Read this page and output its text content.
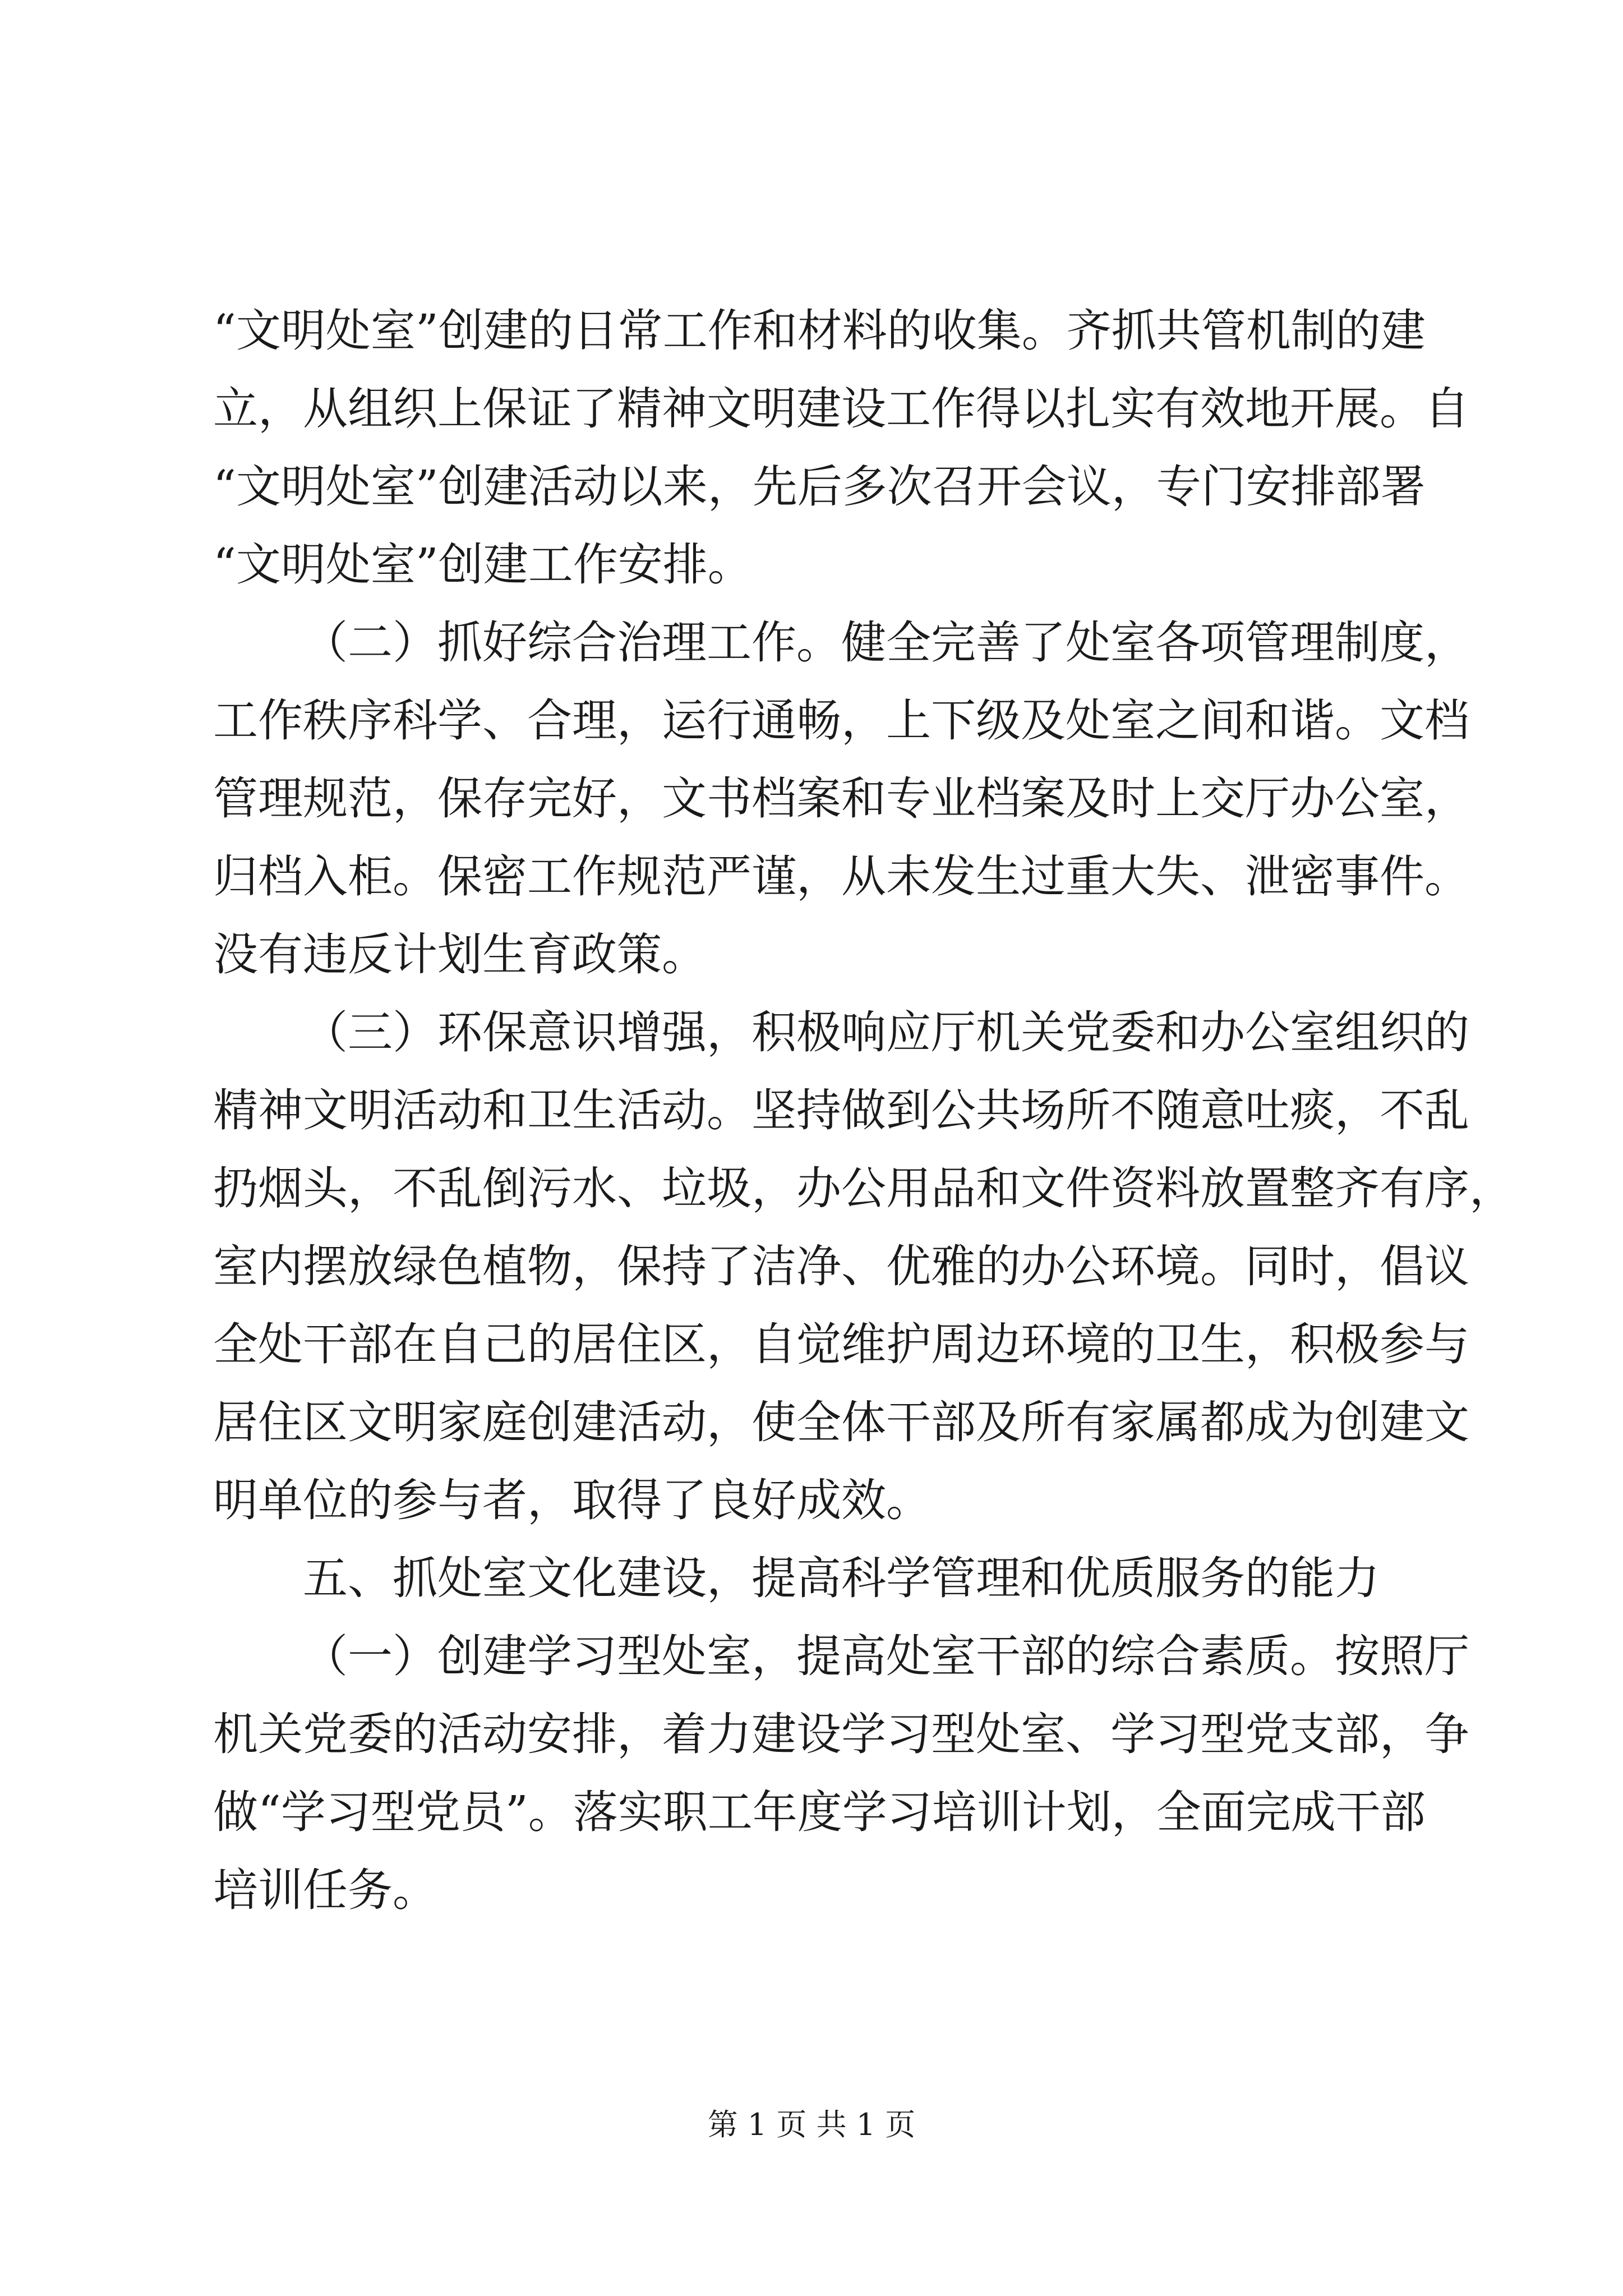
“文明处室”创建的日常工作和材料的收集。齐抓共管机制的建
立，从组织上保证了精神文明建设工作得以扎实有效地开展。自
“文明处室”创建活动以来，先后多次召开会议，专门安排部署
“文明处室”创建工作安排。
（二）抓好综合治理工作。健全完善了处室各项管理制度，
工作秩序科学、合理，运行通畅，上下级及处室之间和谐。文档
管理规范，保存完好，文书档案和专业档案及时上交厅办公室，
归档入柜。保密工作规范严谨，从未发生过重大失、泄密事件。
没有违反计划生育政策。
（三）环保意识增强，积极响应厅机关党委和办公室组织的
精神文明活动和卫生活动。坚持做到公共场所不随意吐痰，不乱
扔烟头，不乱倒污水、垃圾，办公用品和文件资料放置整齐有序，
室内摆放绿色植物，保持了洁净、优雅的办公环境。同时，倡议
全处干部在自己的居住区，自觉维护周边环境的卫生，积极参与
居住区文明家庭创建活动，使全体干部及所有家属都成为创建文
明单位的参与者，取得了良好成效。
五、抓处室文化建设，提高科学管理和优质服务的能力
（一）创建学习型处室，提高处室干部的综合素质。按照厅
机关党委的活动安排，着力建设学习型处室、学习型党支部，争
做“学习型党员”。落实职工年度学习培训计划，全面完成干部
培训任务。
第 1 页 共 1 页
